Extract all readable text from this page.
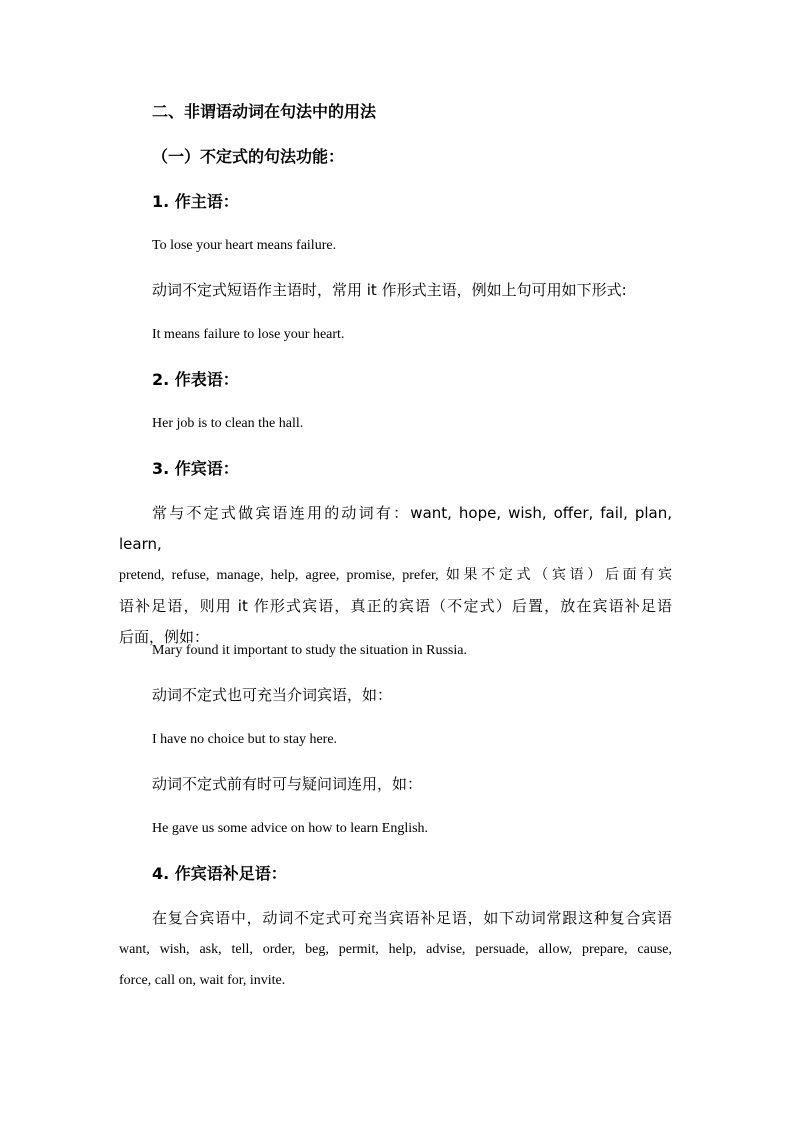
二、非谓语动词在句法中的用法
（一）不定式的句法功能：
1. 作主语：
To lose your heart means failure.
动词不定式短语作主语时，常用 it 作形式主语，例如上句可用如下形式:
It means failure to lose your heart.
2. 作表语：
Her job is to clean the hall.
3. 作宾语：
常与不定式做宾语连用的动词有：want, hope, wish, offer, fail, plan, learn,
pretend, refuse, manage, help, agree, promise, prefer, 如果不定式（宾语）后面有宾
语补足语，则用 it 作形式宾语，真正的宾语（不定式）后置，放在宾语补足语
后面，例如：
Mary found it important to study the situation in Russia.
动词不定式也可充当介词宾语，如：
I have no choice but to stay here.
动词不定式前有时可与疑问词连用，如：
He gave us some advice on how to learn English.
4. 作宾语补足语：
在复合宾语中，动词不定式可充当宾语补足语，如下动词常跟这种复合宾语
want, wish, ask, tell, order, beg, permit, help, advise, persuade, allow, prepare, cause,
force, call on, wait for, invite.
